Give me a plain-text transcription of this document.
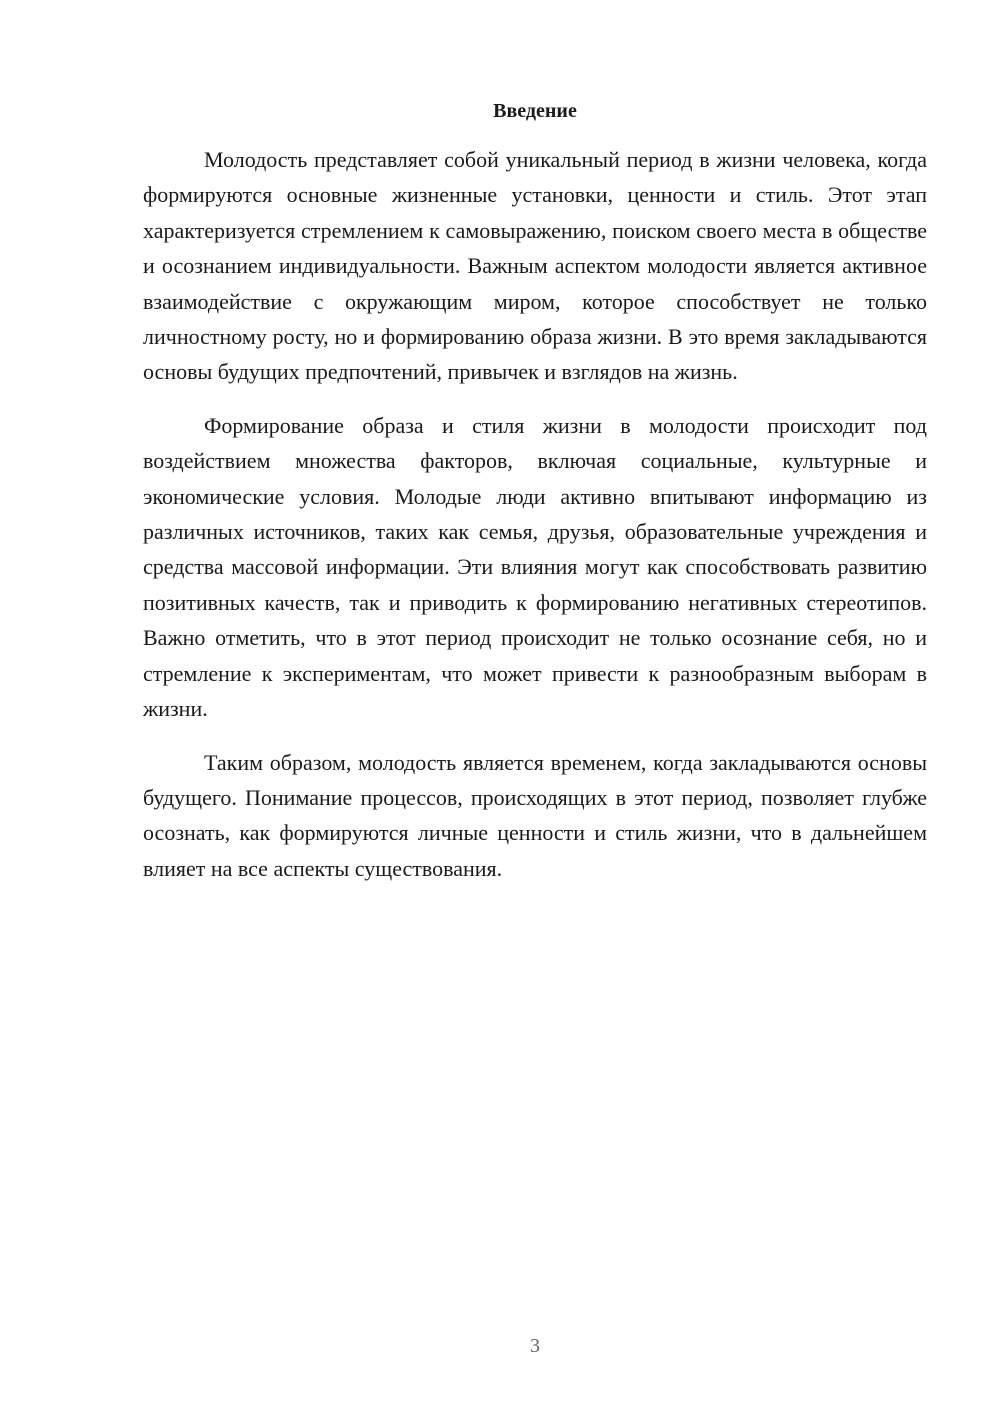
Введение

Молодость представляет собой уникальный период в жизни человека, когда формируются основные жизненные установки, ценности и стиль. Этот этап характеризуется стремлением к самовыражению, поиском своего места в обществе и осознанием индивидуальности. Важным аспектом молодости является активное взаимодействие с окружающим миром, которое способствует не только личностному росту, но и формированию образа жизни. В это время закладываются основы будущих предпочтений, привычек и взглядов на жизнь.

Формирование образа и стиля жизни в молодости происходит под воздействием множества факторов, включая социальные, культурные и экономические условия. Молодые люди активно впитывают информацию из различных источников, таких как семья, друзья, образовательные учреждения и средства массовой информации. Эти влияния могут как способствовать развитию позитивных качеств, так и приводить к формированию негативных стереотипов. Важно отметить, что в этот период происходит не только осознание себя, но и стремление к экспериментам, что может привести к разнообразным выборам в жизни.

Таким образом, молодость является временем, когда закладываются основы будущего. Понимание процессов, происходящих в этот период, позволяет глубже осознать, как формируются личные ценности и стиль жизни, что в дальнейшем влияет на все аспекты существования.

3
